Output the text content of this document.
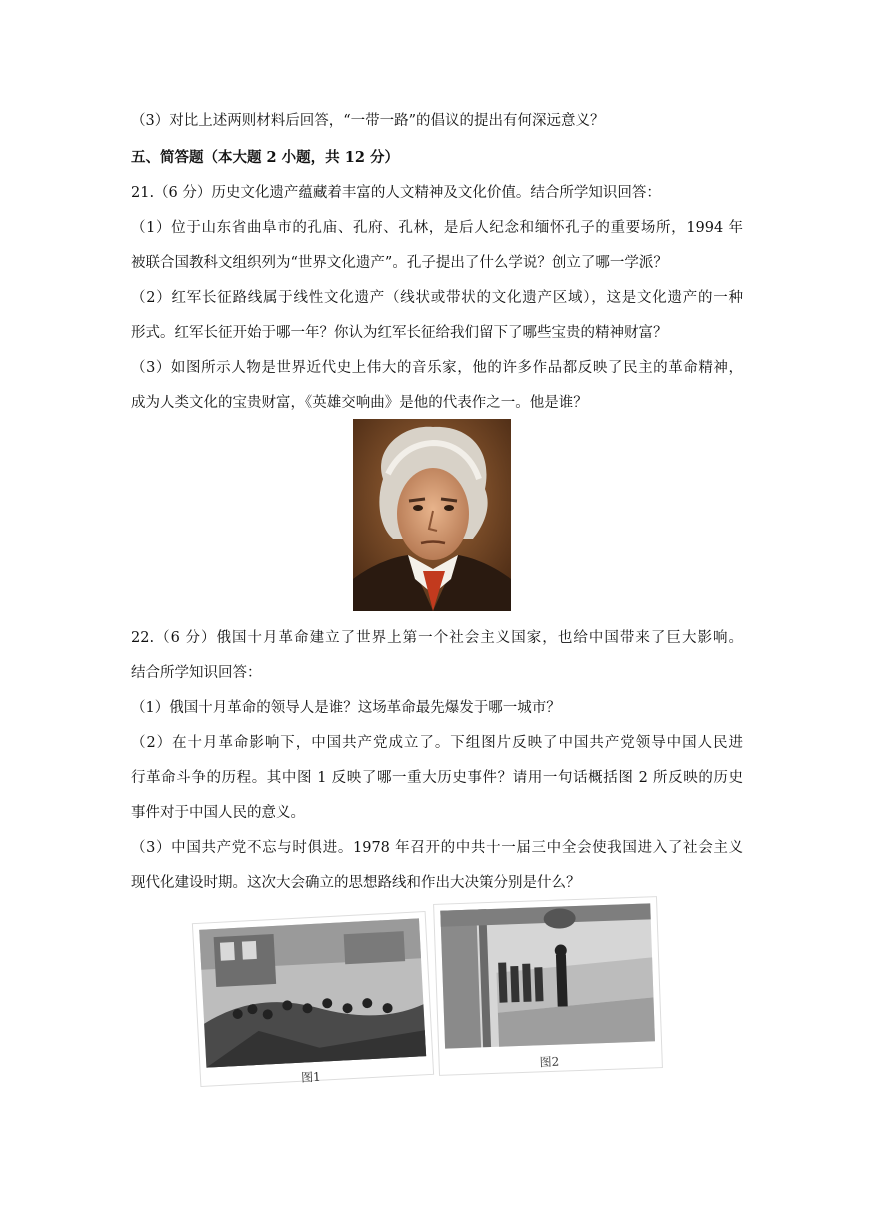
（3）对比上述两则材料后回答，“一带一路”的倡议的提出有何深远意义？
五、简答题（本大题 2 小题，共 12 分）
21.（6 分）历史文化遗产蕴藏着丰富的人文精神及文化价值。结合所学知识回答：
（1）位于山东省曲阜市的孔庙、孔府、孔林，是后人纪念和缅怀孔子的重要场所，1994 年
被联合国教科文组织列为“世界文化遗产”。孔子提出了什么学说？创立了哪一学派？
（2）红军长征路线属于线性文化遗产（线状或带状的文化遗产区域），这是文化遗产的一种
形式。红军长征开始于哪一年？你认为红军长征给我们留下了哪些宝贵的精神财富？
（3）如图所示人物是世界近代史上伟大的音乐家，他的许多作品都反映了民主的革命精神，
成为人类文化的宝贵财富，《英雄交响曲》是他的代表作之一。他是谁？
22.（6 分）俄国十月革命建立了世界上第一个社会主义国家，也给中国带来了巨大影响。
结合所学知识回答：
（1）俄国十月革命的领导人是谁？这场革命最先爆发于哪一城市？
（2）在十月革命影响下，中国共产党成立了。下组图片反映了中国共产党领导中国人民进
行革命斗争的历程。其中图 1 反映了哪一重大历史事件？请用一句话概括图 2 所反映的历史
事件对于中国人民的意义。
（3）中国共产党不忘与时俱进。1978 年召开的中共十一届三中全会使我国进入了社会主义
现代化建设时期。这次大会确立的思想路线和作出大决策分别是什么？
图1
图2
